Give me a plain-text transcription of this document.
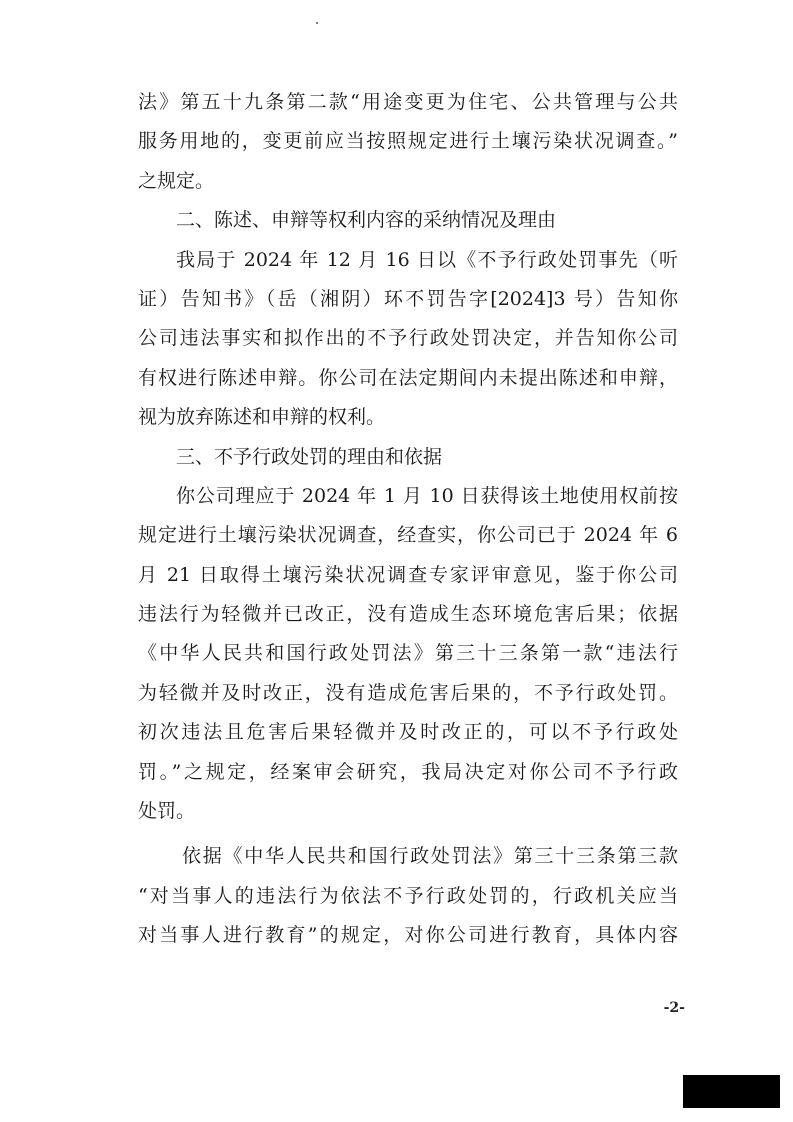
法》第五十九条第二款“用途变更为住宅、公共管理与公共
服务用地的，变更前应当按照规定进行土壤污染状况调查。”
之规定。
二、陈述、申辩等权利内容的采纳情况及理由
我局于 2024 年 12 月 16 日以《不予行政处罚事先（听
证）告知书》（岳（湘阴）环不罚告字[2024]3 号）告知你
公司违法事实和拟作出的不予行政处罚决定，并告知你公司
有权进行陈述申辩。你公司在法定期间内未提出陈述和申辩，
视为放弃陈述和申辩的权利。
三、不予行政处罚的理由和依据
你公司理应于 2024 年 1 月 10 日获得该土地使用权前按
规定进行土壤污染状况调查，经查实，你公司已于 2024 年 6
月 21 日取得土壤污染状况调查专家评审意见，鉴于你公司
违法行为轻微并已改正，没有造成生态环境危害后果；依据
《中华人民共和国行政处罚法》第三十三条第一款“违法行
为轻微并及时改正，没有造成危害后果的，不予行政处罚。
初次违法且危害后果轻微并及时改正的，可以不予行政处
罚。”之规定，经案审会研究，我局决定对你公司不予行政
处罚。
依据《中华人民共和国行政处罚法》第三十三条第三款
“对当事人的违法行为依法不予行政处罚的，行政机关应当
对当事人进行教育”的规定，对你公司进行教育，具体内容
-2-
